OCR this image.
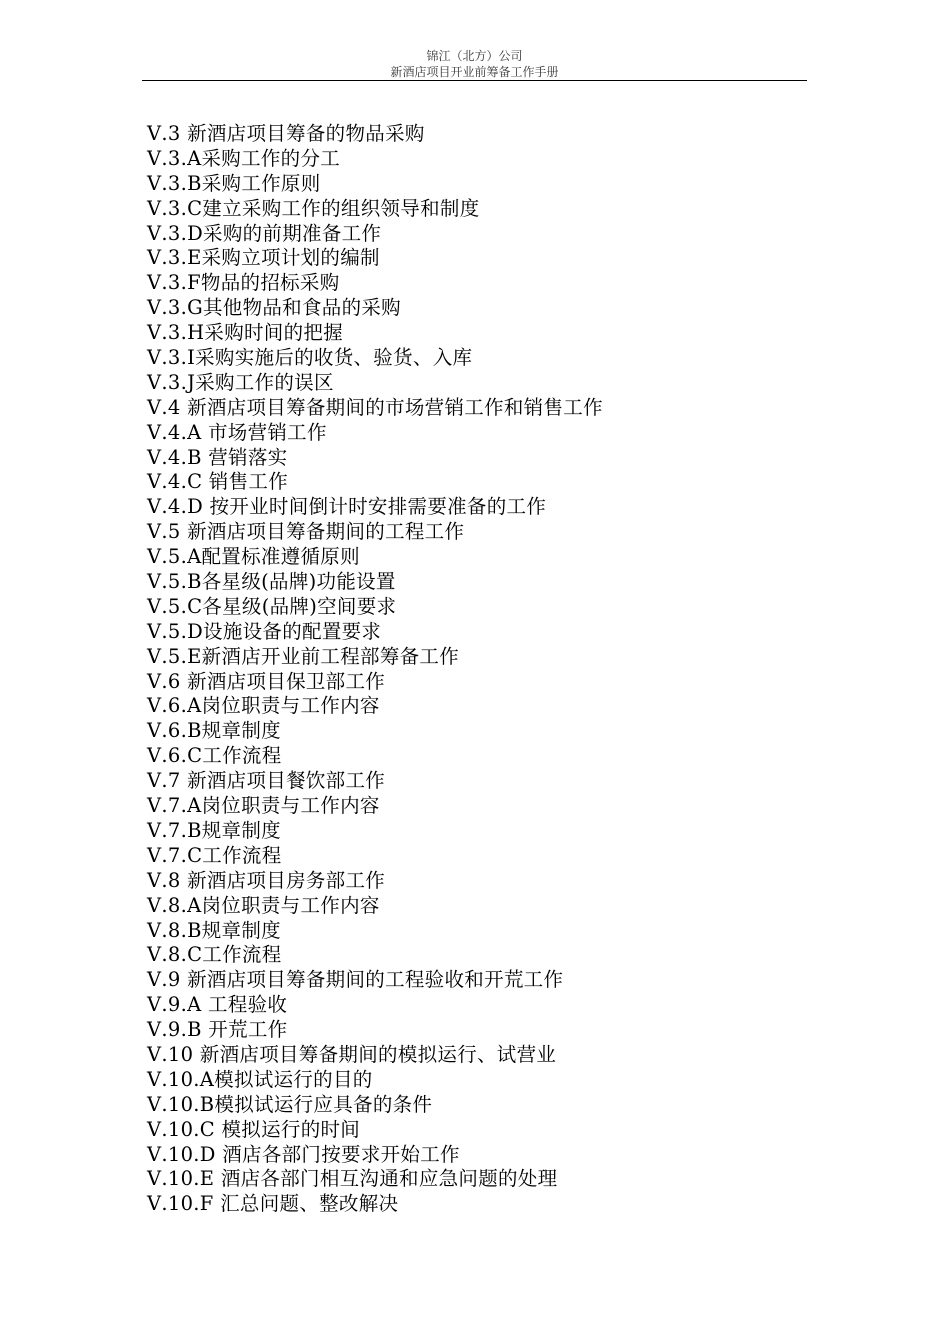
锦江（北方）公司
新酒店项目开业前筹备工作手册
Ⅴ.3 新酒店项目筹备的物品采购
Ⅴ.3.A采购工作的分工
Ⅴ.3.B采购工作原则
Ⅴ.3.C建立采购工作的组织领导和制度
Ⅴ.3.D采购的前期准备工作
Ⅴ.3.E采购立项计划的编制
Ⅴ.3.F物品的招标采购
Ⅴ.3.G其他物品和食品的采购
Ⅴ.3.H采购时间的把握
Ⅴ.3.I采购实施后的收货、验货、入库
Ⅴ.3.J采购工作的误区
Ⅴ.4 新酒店项目筹备期间的市场营销工作和销售工作
Ⅴ.4.A 市场营销工作
Ⅴ.4.B 营销落实
Ⅴ.4.C 销售工作
Ⅴ.4.D 按开业时间倒计时安排需要准备的工作
Ⅴ.5 新酒店项目筹备期间的工程工作
Ⅴ.5.A配置标准遵循原则
Ⅴ.5.B各星级(品牌)功能设置
Ⅴ.5.C各星级(品牌)空间要求
Ⅴ.5.D设施设备的配置要求
Ⅴ.5.E新酒店开业前工程部筹备工作
Ⅴ.6 新酒店项目保卫部工作
Ⅴ.6.A岗位职责与工作内容
Ⅴ.6.B规章制度
Ⅴ.6.C工作流程
Ⅴ.7 新酒店项目餐饮部工作
Ⅴ.7.A岗位职责与工作内容
Ⅴ.7.B规章制度
Ⅴ.7.C工作流程
Ⅴ.8 新酒店项目房务部工作
Ⅴ.8.A岗位职责与工作内容
Ⅴ.8.B规章制度
Ⅴ.8.C工作流程
Ⅴ.9 新酒店项目筹备期间的工程验收和开荒工作
Ⅴ.9.A 工程验收
Ⅴ.9.B 开荒工作
Ⅴ.10 新酒店项目筹备期间的模拟运行、试营业
Ⅴ.10.A模拟试运行的目的
Ⅴ.10.B模拟试运行应具备的条件
Ⅴ.10.C 模拟运行的时间
Ⅴ.10.D 酒店各部门按要求开始工作
Ⅴ.10.E 酒店各部门相互沟通和应急问题的处理
Ⅴ.10.F 汇总问题、整改解决
